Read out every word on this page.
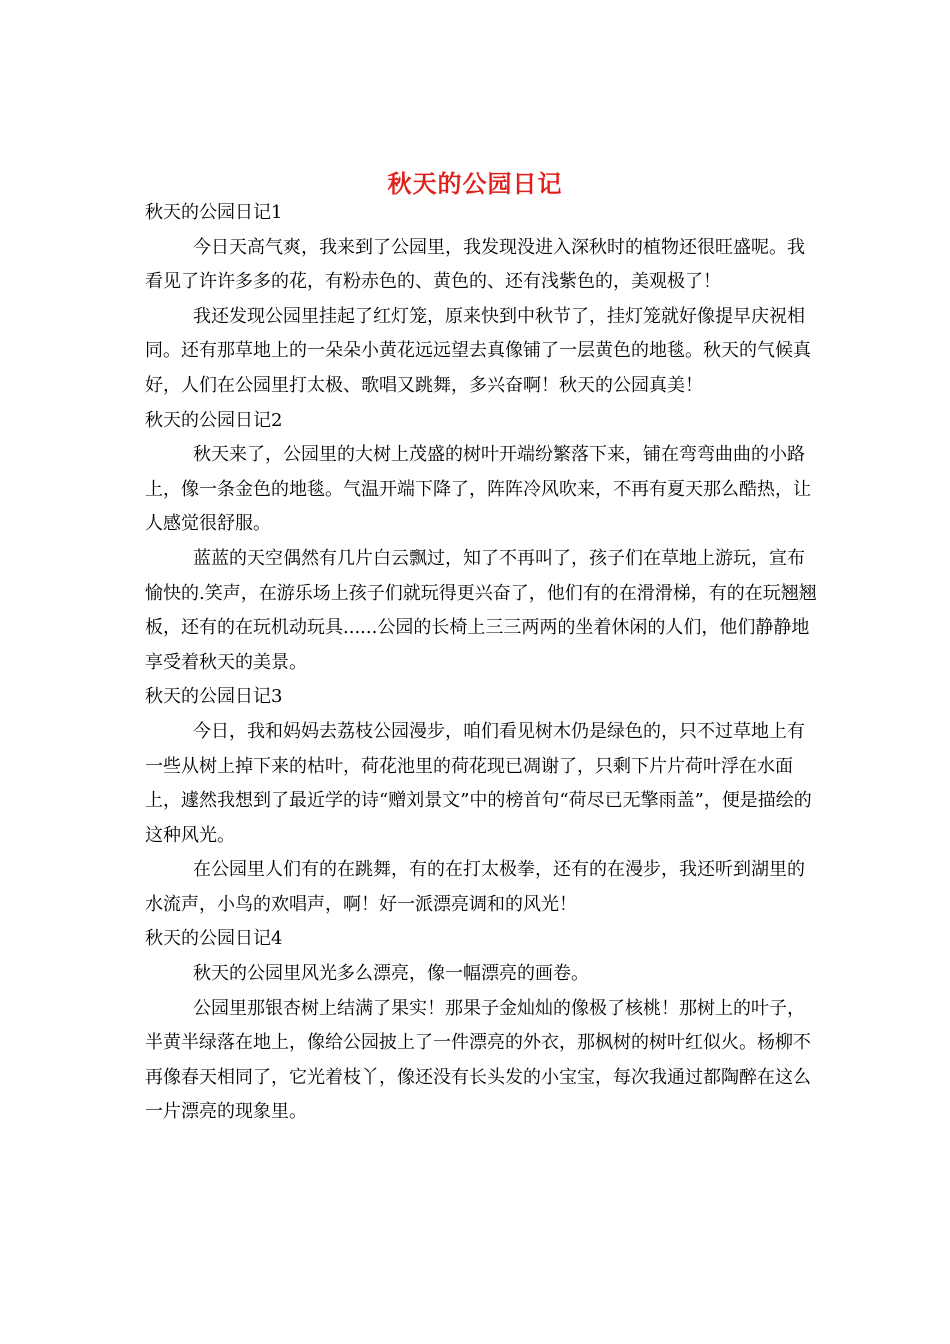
秋天的公园日记

秋天的公园日记1

今日天高气爽，我来到了公园里，我发现没进入深秋时的植物还很旺盛呢。我看见了许许多多的花，有粉赤色的、黄色的、还有浅紫色的，美观极了！

我还发现公园里挂起了红灯笼，原来快到中秋节了，挂灯笼就好像提早庆祝相同。还有那草地上的一朵朵小黄花远远望去真像铺了一层黄色的地毯。秋天的气候真好，人们在公园里打太极、歌唱又跳舞，多兴奋啊！秋天的公园真美！

秋天的公园日记2

秋天来了，公园里的大树上茂盛的树叶开端纷繁落下来，铺在弯弯曲曲的小路上，像一条金色的地毯。气温开端下降了，阵阵冷风吹来，不再有夏天那么酷热，让人感觉很舒服。

蓝蓝的天空偶然有几片白云飘过，知了不再叫了，孩子们在草地上游玩，宣布愉快的.笑声，在游乐场上孩子们就玩得更兴奋了，他们有的在滑滑梯，有的在玩翘翘板，还有的在玩机动玩具......公园的长椅上三三两两的坐着休闲的人们，他们静静地享受着秋天的美景。

秋天的公园日记3

今日，我和妈妈去荔枝公园漫步，咱们看见树木仍是绿色的，只不过草地上有一些从树上掉下来的枯叶，荷花池里的荷花现已凋谢了，只剩下片片荷叶浮在水面上，遽然我想到了最近学的诗“赠刘景文”中的榜首句“荷尽已无擎雨盖”，便是描绘的这种风光。

在公园里人们有的在跳舞，有的在打太极拳，还有的在漫步，我还听到湖里的水流声，小鸟的欢唱声，啊！好一派漂亮调和的风光！

秋天的公园日记4

秋天的公园里风光多么漂亮，像一幅漂亮的画卷。

公园里那银杏树上结满了果实！那果子金灿灿的像极了核桃！那树上的叶子，半黄半绿落在地上，像给公园披上了一件漂亮的外衣，那枫树的树叶红似火。杨柳不再像春天相同了，它光着枝丫，像还没有长头发的小宝宝，每次我通过都陶醉在这么一片漂亮的现象里。
